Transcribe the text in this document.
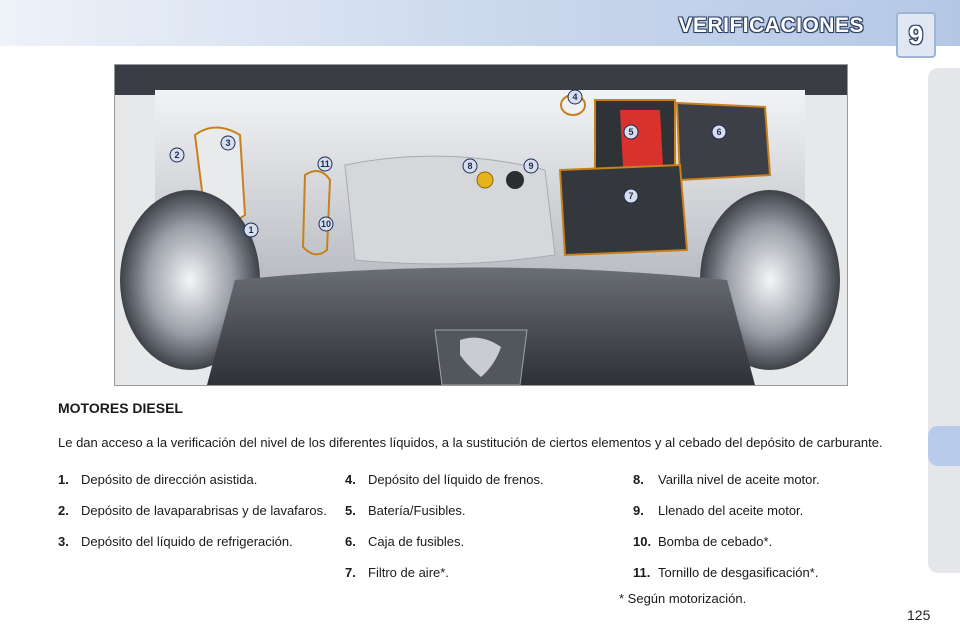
VERIFICACIONES	9
1
2
3
4
5	6
7
8	9
10
11
MOTORES DIESEL
Le dan acceso a la verificación del nivel de los diferentes líquidos, a la sustitución de ciertos elementos y al cebado del depósito de carburante.
1. Depósito de dirección asistida.
2. Depósito de lavaparabrisas y de lavafaros.
3. Depósito del líquido de refrigeración.
4. Depósito del líquido de frenos.
5. Batería/Fusibles.
6. Caja de fusibles.
7. Filtro de aire*.
8.	Varilla nivel de aceite motor.
9.	Llenado del aceite motor.
10. Bomba de cebado*.
11. Tornillo de desgasificación*.
* Según motorización.
125
